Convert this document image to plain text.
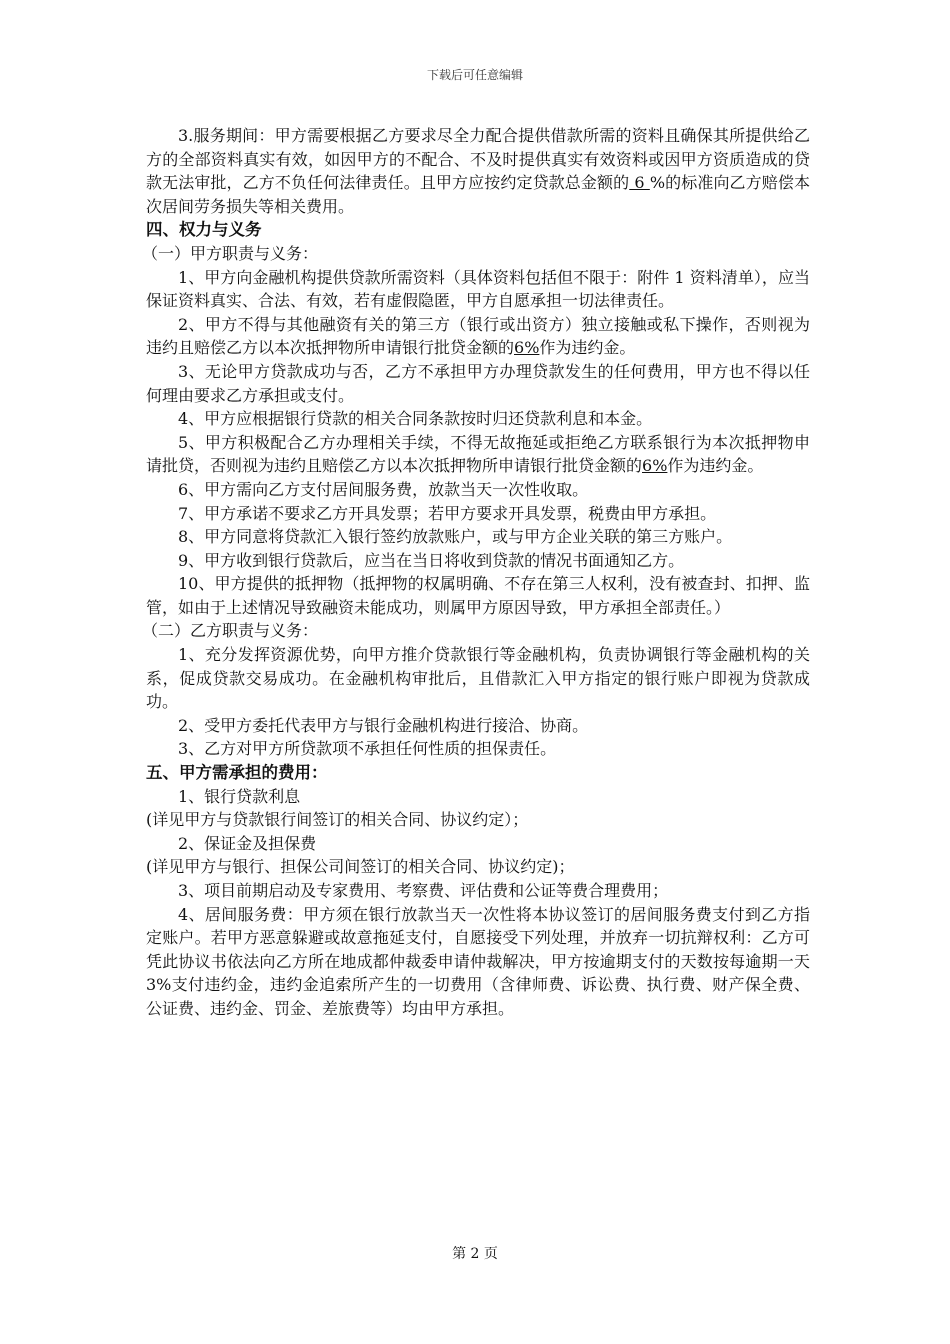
下载后可任意编辑

3.服务期间：甲方需要根据乙方要求尽全力配合提供借款所需的资料且确保其所提供给乙方的全部资料真实有效，如因甲方的不配合、不及时提供真实有效资料或因甲方资质造成的贷款无法审批，乙方不负任何法律责任。且甲方应按约定贷款总金额的 6 %的标准向乙方赔偿本次居间劳务损失等相关费用。

四、权力与义务

（一）甲方职责与义务：

1、甲方向金融机构提供贷款所需资料（具体资料包括但不限于：附件 1 资料清单），应当保证资料真实、合法、有效，若有虚假隐匿，甲方自愿承担一切法律责任。

2、甲方不得与其他融资有关的第三方（银行或出资方）独立接触或私下操作，否则视为违约且赔偿乙方以本次抵押物所申请银行批贷金额的6%作为违约金。

3、无论甲方贷款成功与否，乙方不承担甲方办理贷款发生的任何费用，甲方也不得以任何理由要求乙方承担或支付。

4、甲方应根据银行贷款的相关合同条款按时归还贷款利息和本金。

5、甲方积极配合乙方办理相关手续，不得无故拖延或拒绝乙方联系银行为本次抵押物申请批贷，否则视为违约且赔偿乙方以本次抵押物所申请银行批贷金额的6%作为违约金。

6、甲方需向乙方支付居间服务费，放款当天一次性收取。

7、甲方承诺不要求乙方开具发票；若甲方要求开具发票，税费由甲方承担。

8、甲方同意将贷款汇入银行签约放款账户，或与甲方企业关联的第三方账户。

9、甲方收到银行贷款后，应当在当日将收到贷款的情况书面通知乙方。

10、甲方提供的抵押物（抵押物的权属明确、不存在第三人权利，没有被查封、扣押、监管，如由于上述情况导致融资未能成功，则属甲方原因导致，甲方承担全部责任。）

（二）乙方职责与义务：

1、充分发挥资源优势，向甲方推介贷款银行等金融机构，负责协调银行等金融机构的关系，促成贷款交易成功。在金融机构审批后，且借款汇入甲方指定的银行账户即视为贷款成功。

2、受甲方委托代表甲方与银行金融机构进行接洽、协商。

3、乙方对甲方所贷款项不承担任何性质的担保责任。

五、甲方需承担的费用：

1、银行贷款利息

(详见甲方与贷款银行间签订的相关合同、协议约定）；

2、保证金及担保费

(详见甲方与银行、担保公司间签订的相关合同、协议约定)；

3、项目前期启动及专家费用、考察费、评估费和公证等费合理费用；

4、居间服务费：甲方须在银行放款当天一次性将本协议签订的居间服务费支付到乙方指定账户。若甲方恶意躲避或故意拖延支付，自愿接受下列处理，并放弃一切抗辩权利：乙方可凭此协议书依法向乙方所在地成都仲裁委申请仲裁解决，甲方按逾期支付的天数按每逾期一天 3%支付违约金，违约金追索所产生的一切费用（含律师费、诉讼费、执行费、财产保全费、公证费、违约金、罚金、差旅费等）均由甲方承担。

第 2 页
